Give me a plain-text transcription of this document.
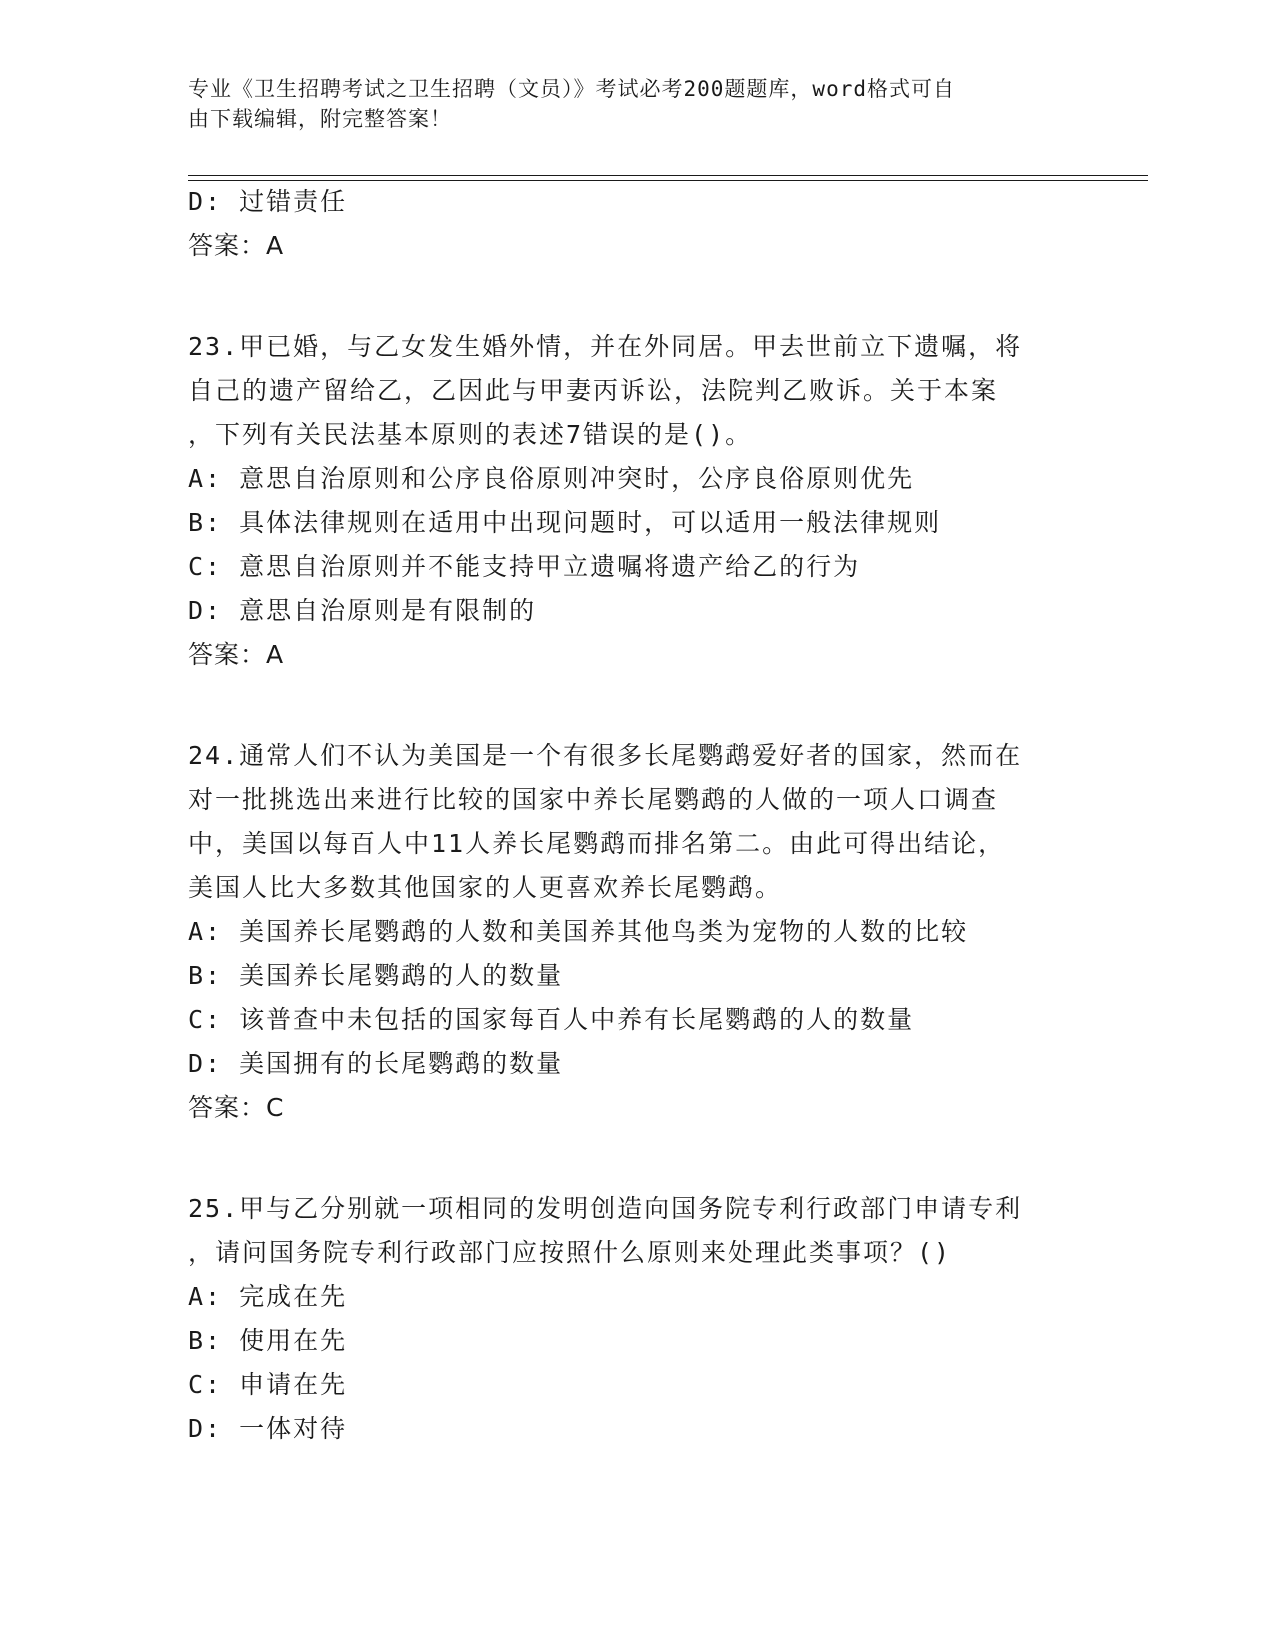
专业《卫生招聘考试之卫生招聘（文员）》考试必考200题题库，word格式可自
由下载编辑，附完整答案！
D: 过错责任
答案：A
23.甲已婚，与乙女发生婚外情，并在外同居。甲去世前立下遗嘱，将
自己的遗产留给乙，乙因此与甲妻丙诉讼，法院判乙败诉。关于本案
，下列有关民法基本原则的表述7错误的是()。
A: 意思自治原则和公序良俗原则冲突时，公序良俗原则优先
B: 具体法律规则在适用中出现问题时，可以适用一般法律规则
C: 意思自治原则并不能支持甲立遗嘱将遗产给乙的行为
D: 意思自治原则是有限制的
答案：A
24.通常人们不认为美国是一个有很多长尾鹦鹉爱好者的国家，然而在
对一批挑选出来进行比较的国家中养长尾鹦鹉的人做的一项人口调查
中，美国以每百人中11人养长尾鹦鹉而排名第二。由此可得出结论，
美国人比大多数其他国家的人更喜欢养长尾鹦鹉。
A: 美国养长尾鹦鹉的人数和美国养其他鸟类为宠物的人数的比较
B: 美国养长尾鹦鹉的人的数量
C: 该普查中未包括的国家每百人中养有长尾鹦鹉的人的数量
D: 美国拥有的长尾鹦鹉的数量
答案：C
25.甲与乙分别就一项相同的发明创造向国务院专利行政部门申请专利
，请问国务院专利行政部门应按照什么原则来处理此类事项？()
A: 完成在先
B: 使用在先
C: 申请在先
D: 一体对待
